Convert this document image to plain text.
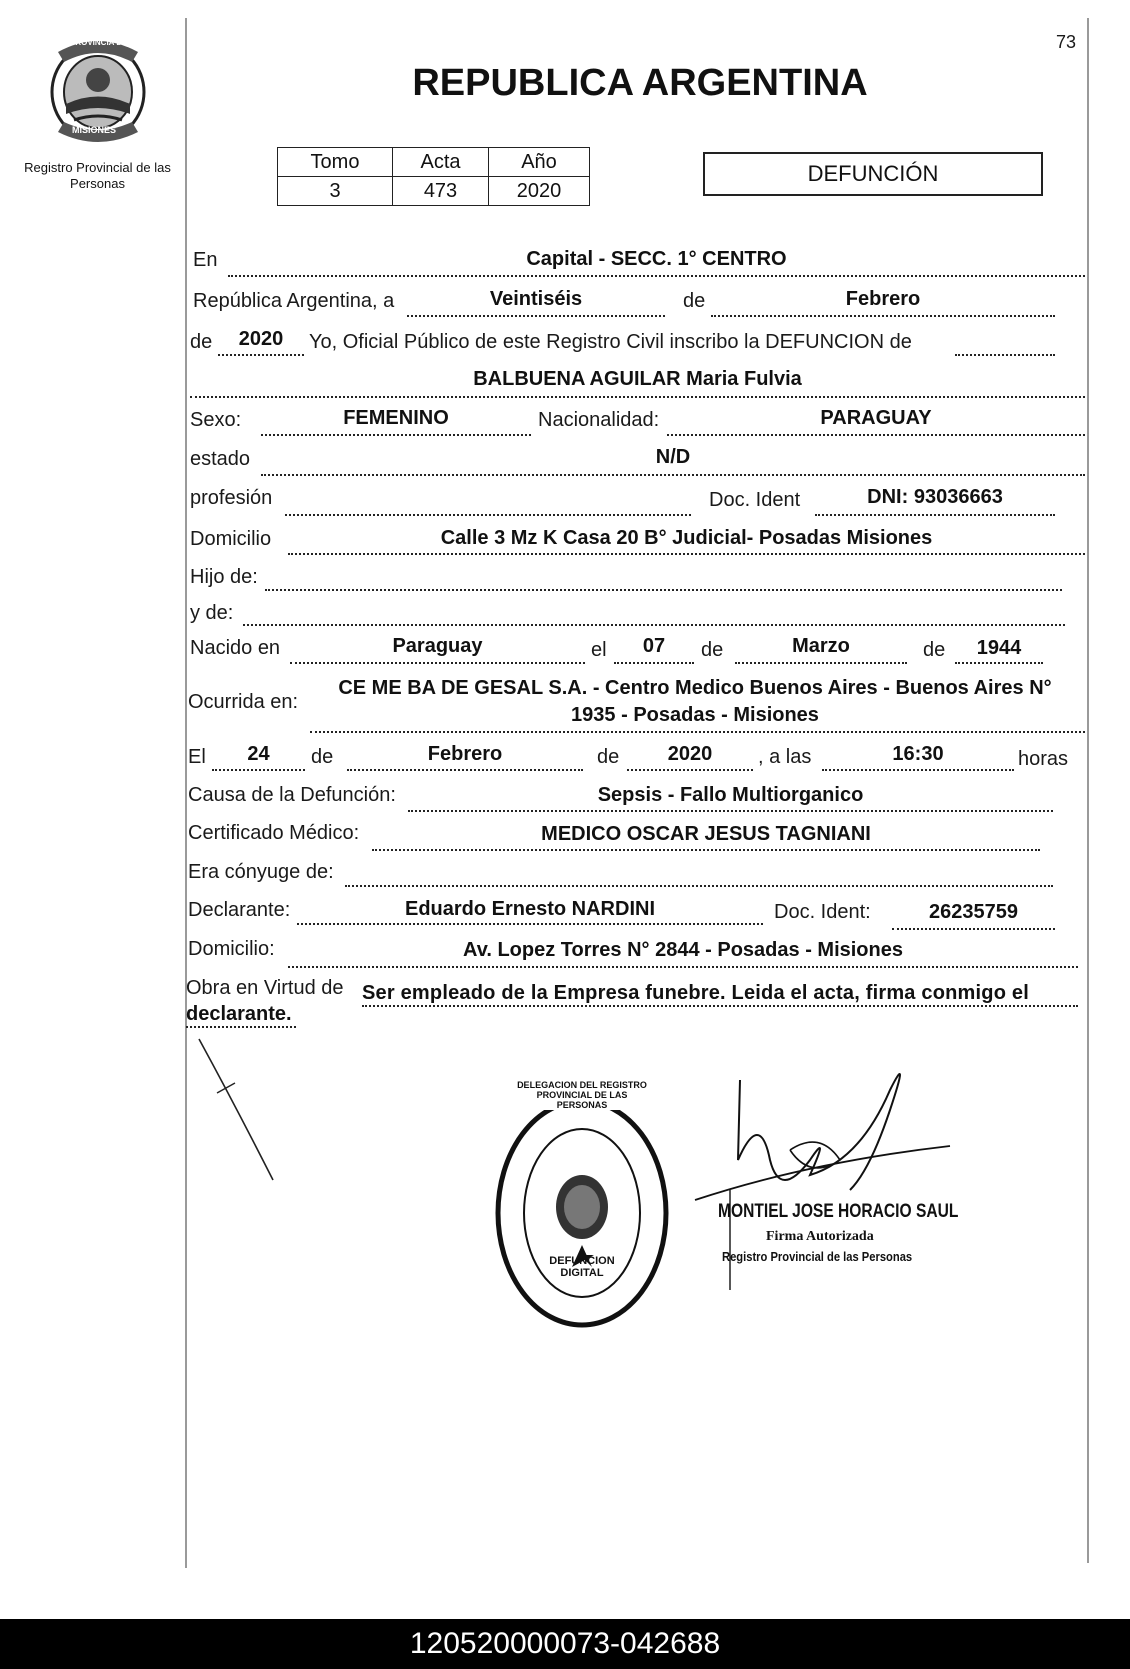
73
PROVINCIA DE
MISIONES
Registro Provincial de las Personas
REPUBLICA ARGENTINA
Tomo	Acta	Año
3	473	2020
DEFUNCIÓN
En	Capital - SECC. 1° CENTRO
República Argentina, a	Veintiséis	de	Febrero
de	2020	Yo, Oficial Público de este Registro Civil inscribo la DEFUNCION de
BALBUENA AGUILAR Maria Fulvia
Sexo:	FEMENINO	Nacionalidad:	PARAGUAY
estado	N/D
profesión	Doc. Ident	DNI: 93036663
Domicilio	Calle 3 Mz K Casa 20 B° Judicial- Posadas Misiones
Hijo de:
y de:
Nacido en	Paraguay	el	07	de	Marzo	de	1944
Ocurrida en:
CE ME BA DE GESAL S.A. - Centro Medico Buenos Aires - Buenos Aires N°
1935 - Posadas - Misiones
El	24	de	Febrero	de	2020	, a las	16:30	horas
Causa de la Defunción:	Sepsis - Fallo Multiorganico
Certificado Médico:	MEDICO OSCAR JESUS TAGNIANI
Era cónyuge de:
Declarante:	Eduardo Ernesto NARDINI	Doc. Ident:	26235759
Domicilio:	Av. Lopez Torres N° 2844 - Posadas - Misiones
Obra en Virtud de Ser empleado de la Empresa funebre. Leida el acta, firma conmigo el
declarante.
DELEGACION DEL REGISTRO PROVINCIAL DE LAS PERSONAS
DEFUNCION DIGITAL
MONTIEL JOSE HORACIO SAUL
Firma Autorizada
Registro Provincial de las Personas
120520000073-042688
